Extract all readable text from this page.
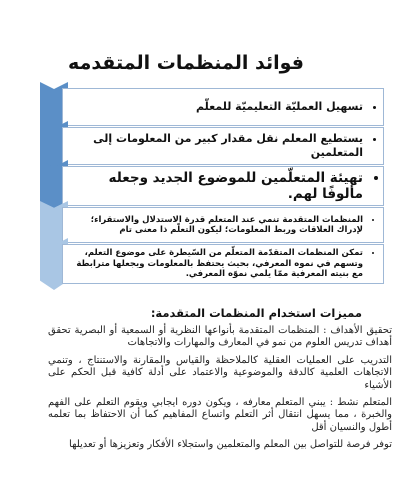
فوائد المنظمات المتقدمه
• تسهيل العمليّة التعليميّة للمعلّم
• يستطيع المعلم نقل مقدار كبير من المعلومات إلى المتعلمين
• تهيئة المتعلّمين للموضوع الجديد وجعله مألوفًا لهم.
• المنظمات المتقدمة تنمي عند المتعلم قدرة الاستدلال والاستقراء؛ لإدراك العلاقات وربط المعلومات؛ ليكون التعلّم ذا معنى تام
• تمكن المنظمات المتقدّمة المتعلّم من السّيطرة على موضوع التعلم، وتسهم في نموه المعرفي، بحيث يحتفظ بالمعلومات ويجعلها مترابطة مع بنيته المعرفية ممّا يلمي نموّه المعرفي.
مميزات استخدام المنظمات المتقدمة:

تحقيق الأهداف : المنظمات المتقدمة بأنواعها النظرية أو السمعية أو البصرية تحقق أهداف تدريس العلوم من نمو في المعارف والمهارات والاتجاهات

التدريب على العمليات العقلية كالملاحظة والقياس والمقارنة والاستنتاج ، وتنمي الاتجاهات العلمية كالدقة والموضوعية والاعتماد على أدلة كافية قبل الحكم على الأشياء

المتعلم نشط : يبني المتعلم معارفه ، ويكون دوره ايجابي ويقوم التعلم على الفهم والخبرة ، مما يسهل انتقال أثر التعلم واتساع المفاهيم كما أن الاحتفاظ بما تعلمه أطول والنسيان أقل

توفر فرصة للتواصل بين المعلم والمتعلمين واستجلاء الأفكار وتعزيزها أو تعديلها
